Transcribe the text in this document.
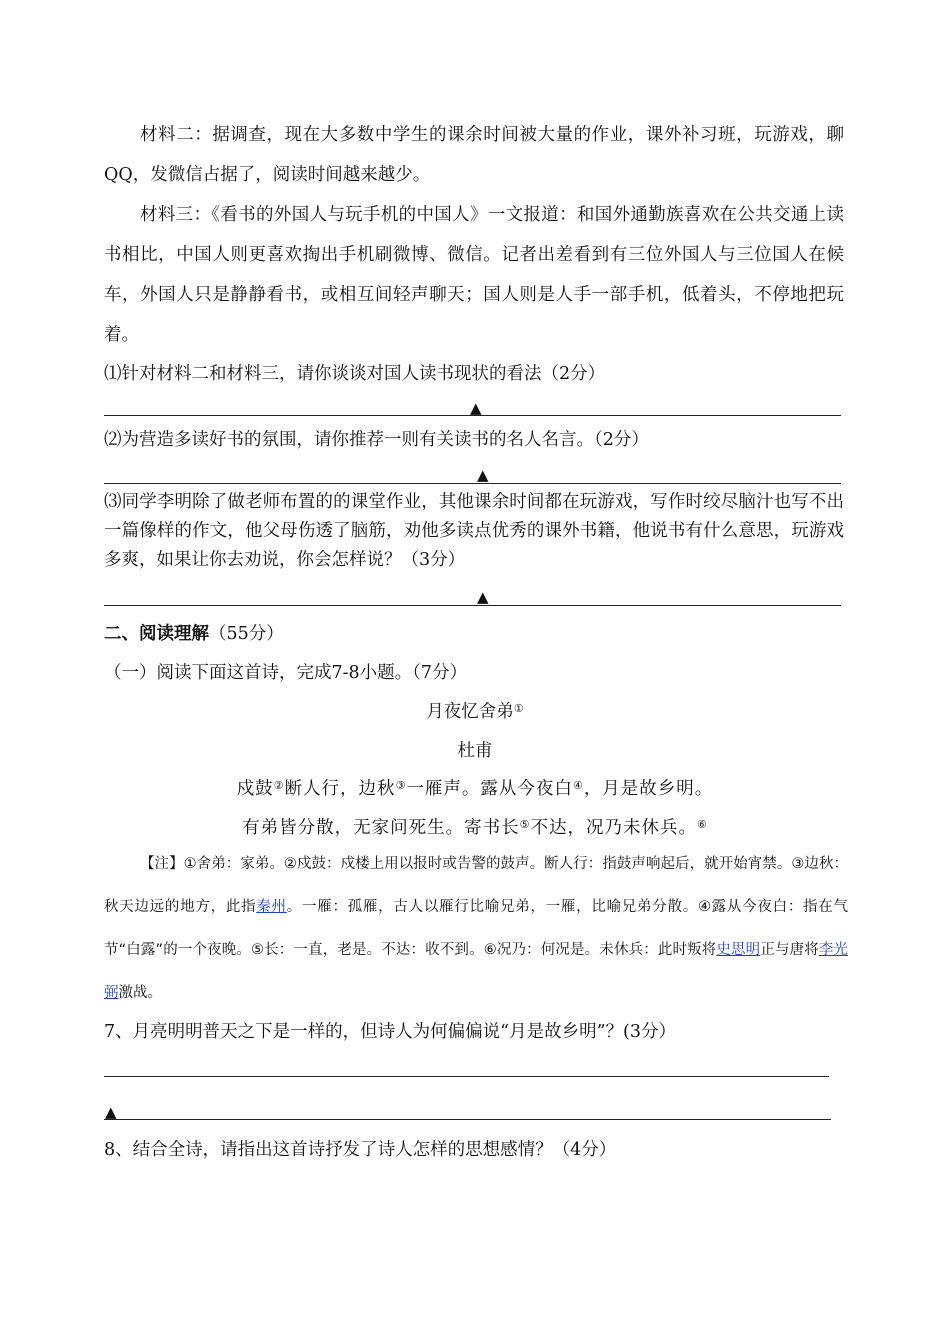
材料二：据调查，现在大多数中学生的课余时间被大量的作业，课外补习班，玩游戏，聊QQ，发微信占据了，阅读时间越来越少。
材料三：《看书的外国人与玩手机的中国人》一文报道：和国外通勤族喜欢在公共交通上读书相比，中国人则更喜欢掏出手机刷微博、微信。记者出差看到有三位外国人与三位国人在候车，外国人只是静静看书，或相互间轻声聊天；国人则是人手一部手机，低着头，不停地把玩着。
⑴针对材料二和材料三，请你谈谈对国人读书现状的看法（2分）
▲
⑵为营造多读好书的氛围，请你推荐一则有关读书的名人名言。（2分）
▲
⑶同学李明除了做老师布置的的课堂作业，其他课余时间都在玩游戏，写作时绞尽脑汁也写不出一篇像样的作文，他父母伤透了脑筋，劝他多读点优秀的课外书籍，他说书有什么意思，玩游戏多爽，如果让你去劝说，你会怎样说？（3分）
▲
二、阅读理解（55分）
（一）阅读下面这首诗，完成7-8小题。（7分）
月夜忆舍弟①
杜甫
戍鼓②断人行，边秋③一雁声。露从今夜白④，月是故乡明。
有弟皆分散，无家问死生。寄书长⑤不达，况乃未休兵。⑥
【注】①舍弟：家弟。②戍鼓：戍楼上用以报时或告警的鼓声。断人行：指鼓声响起后，就开始宵禁。③边秋：秋天边远的地方，此指秦州。一雁：孤雁，古人以雁行比喻兄弟，一雁，比喻兄弟分散。④露从今夜白：指在气节“白露”的一个夜晚。⑤长：一直，老是。不达：收不到。⑥况乃：何况是。未休兵：此时叛将史思明正与唐将李光弼激战。
7、月亮明明普天之下是一样的，但诗人为何偏偏说“月是故乡明”？(3分）
▲
8、结合全诗，请指出这首诗抒发了诗人怎样的思想感情？（4分）
